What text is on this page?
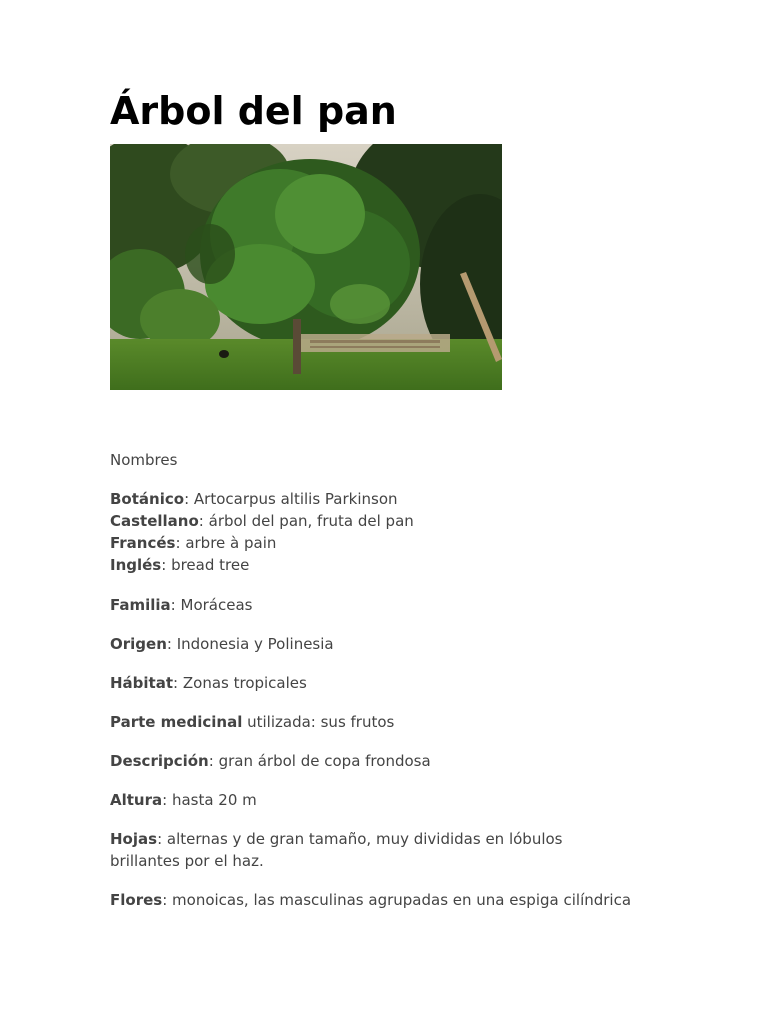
Árbol del pan

Nombres

Botánico: Artocarpus altilis Parkinson
Castellano: árbol del pan, fruta del pan
Francés: arbre à pain
Inglés: bread tree

Familia: Moráceas

Origen: Indonesia y Polinesia

Hábitat: Zonas tropicales

Parte medicinal utilizada: sus frutos

Descripción: gran árbol de copa frondosa

Altura: hasta 20 m

Hojas: alternas y de gran tamaño, muy divididas en lóbulos brillantes por el haz.

Flores: monoicas, las masculinas agrupadas en una espiga cilíndrica
